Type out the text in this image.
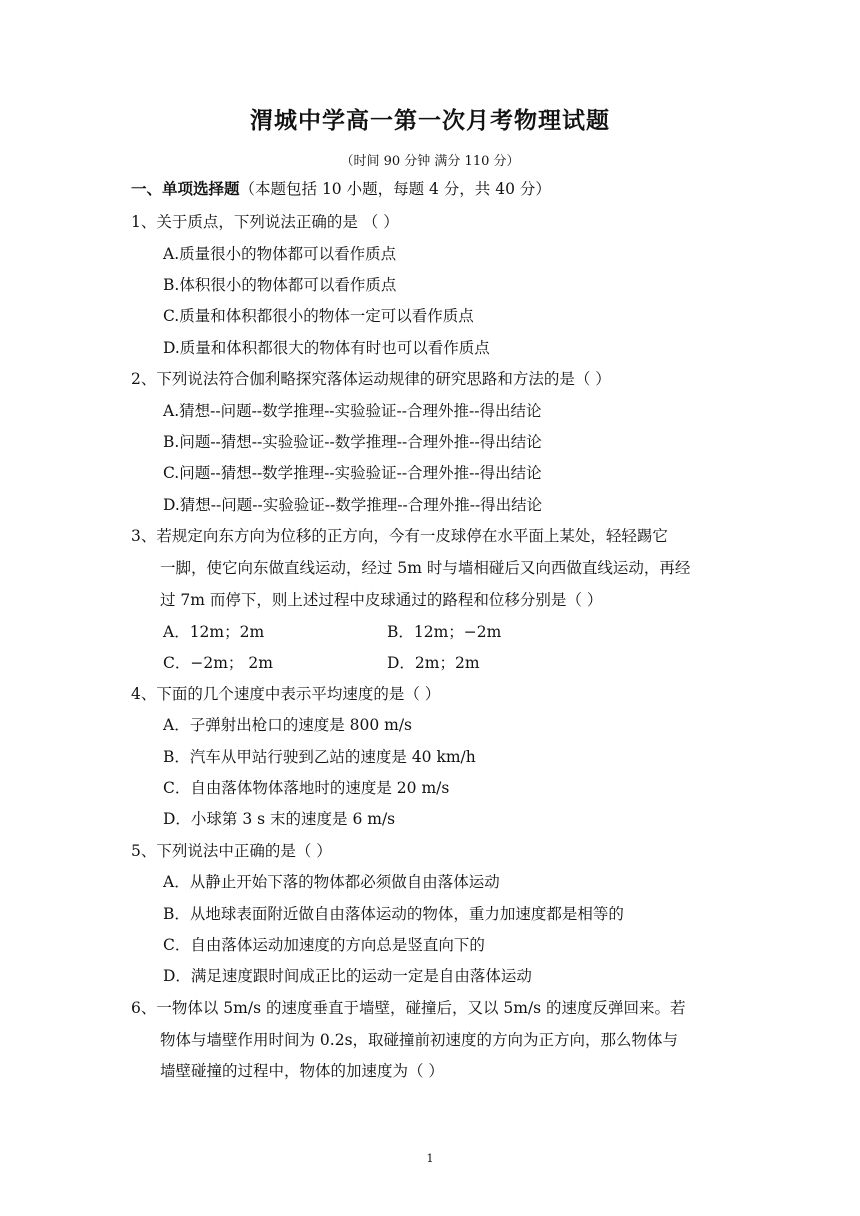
渭城中学高一第一次月考物理试题
（时间 90 分钟 满分 110 分）
一、单项选择题（本题包括 10 小题，每题 4 分，共 40 分）
1、关于质点，下列说法正确的是 （ ）
A.质量很小的物体都可以看作质点
B.体积很小的物体都可以看作质点
C.质量和体积都很小的物体一定可以看作质点
D.质量和体积都很大的物体有时也可以看作质点
2、下列说法符合伽利略探究落体运动规律的研究思路和方法的是（ ）
A.猜想--问题--数学推理--实验验证--合理外推--得出结论
B.问题--猜想--实验验证--数学推理--合理外推--得出结论
C.问题--猜想--数学推理--实验验证--合理外推--得出结论
D.猜想--问题--实验验证--数学推理--合理外推--得出结论
3、若规定向东方向为位移的正方向，今有一皮球停在水平面上某处，轻轻踢它
一脚，使它向东做直线运动，经过 5m 时与墙相碰后又向西做直线运动，再经
过 7m 而停下，则上述过程中皮球通过的路程和位移分别是（ ）
A．12m；2m	B．12m；−2m
C．−2m； 2m	D．2m；2m
4、下面的几个速度中表示平均速度的是（ ）
A．子弹射出枪口的速度是 800 m/s
B．汽车从甲站行驶到乙站的速度是 40 km/h
C．自由落体物体落地时的速度是 20 m/s
D．小球第 3 s 末的速度是 6 m/s
5、下列说法中正确的是（ ）
A．从静止开始下落的物体都必须做自由落体运动
B．从地球表面附近做自由落体运动的物体，重力加速度都是相等的
C．自由落体运动加速度的方向总是竖直向下的
D．满足速度跟时间成正比的运动一定是自由落体运动
6、一物体以 5m/s 的速度垂直于墙壁，碰撞后，又以 5m/s 的速度反弹回来。若
物体与墙壁作用时间为 0.2s，取碰撞前初速度的方向为正方向，那么物体与
墙壁碰撞的过程中，物体的加速度为（ ）
1
